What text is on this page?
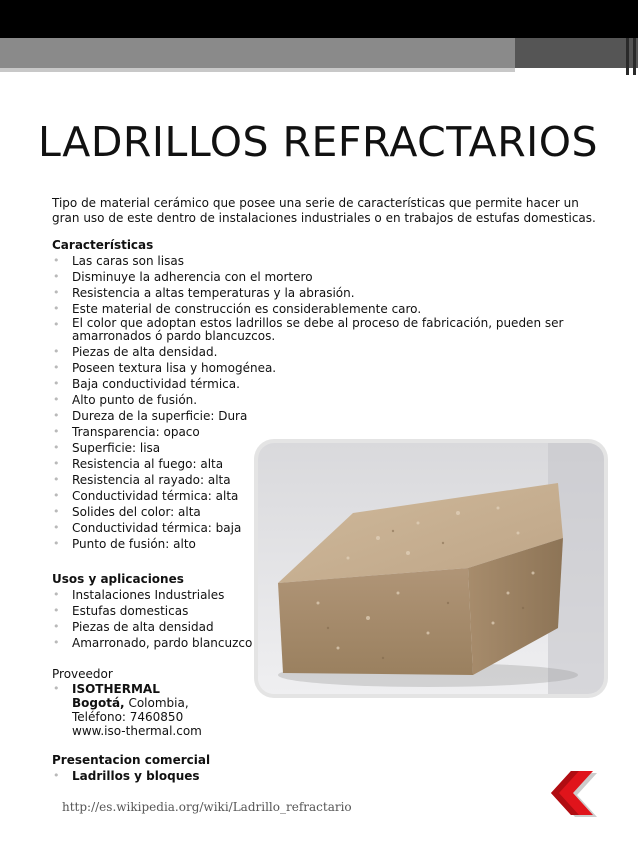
LADRILLOS REFRACTARIOS

Tipo de material cerámico que posee una serie de características que permite hacer un gran uso de este dentro de instalaciones industriales o en trabajos de estufas domesticas.

Características
• Las caras son lisas
• Disminuye la adherencia con el mortero
• Resistencia a altas temperaturas y la abrasión.
• Este material de construcción es considerablemente caro.
• El color que adoptan estos ladrillos se debe al proceso de fabricación, pueden ser amarronados ó pardo blancuzcos.
• Piezas de alta densidad.
• Poseen textura lisa y homogénea.
• Baja conductividad térmica.
• Alto punto de fusión.
• Dureza de la superficie: Dura
• Transparencia: opaco
• Superficie: lisa
• Resistencia al fuego: alta
• Resistencia al rayado: alta
• Conductividad térmica: alta
• Solides del color: alta
• Conductividad térmica: baja
• Punto de fusión: alto
Usos y aplicaciones
• Instalaciones Industriales
• Estufas domesticas
• Piezas de alta densidad
• Amarronado, pardo blancuzco
Proveedor
• ISOTHERMAL
Bogotá, Colombia,
Teléfono: 7460850
www.iso-thermal.com
Presentacion comercial
• Ladrillos y bloques
http://es.wikipedia.org/wiki/Ladrillo_refractario
